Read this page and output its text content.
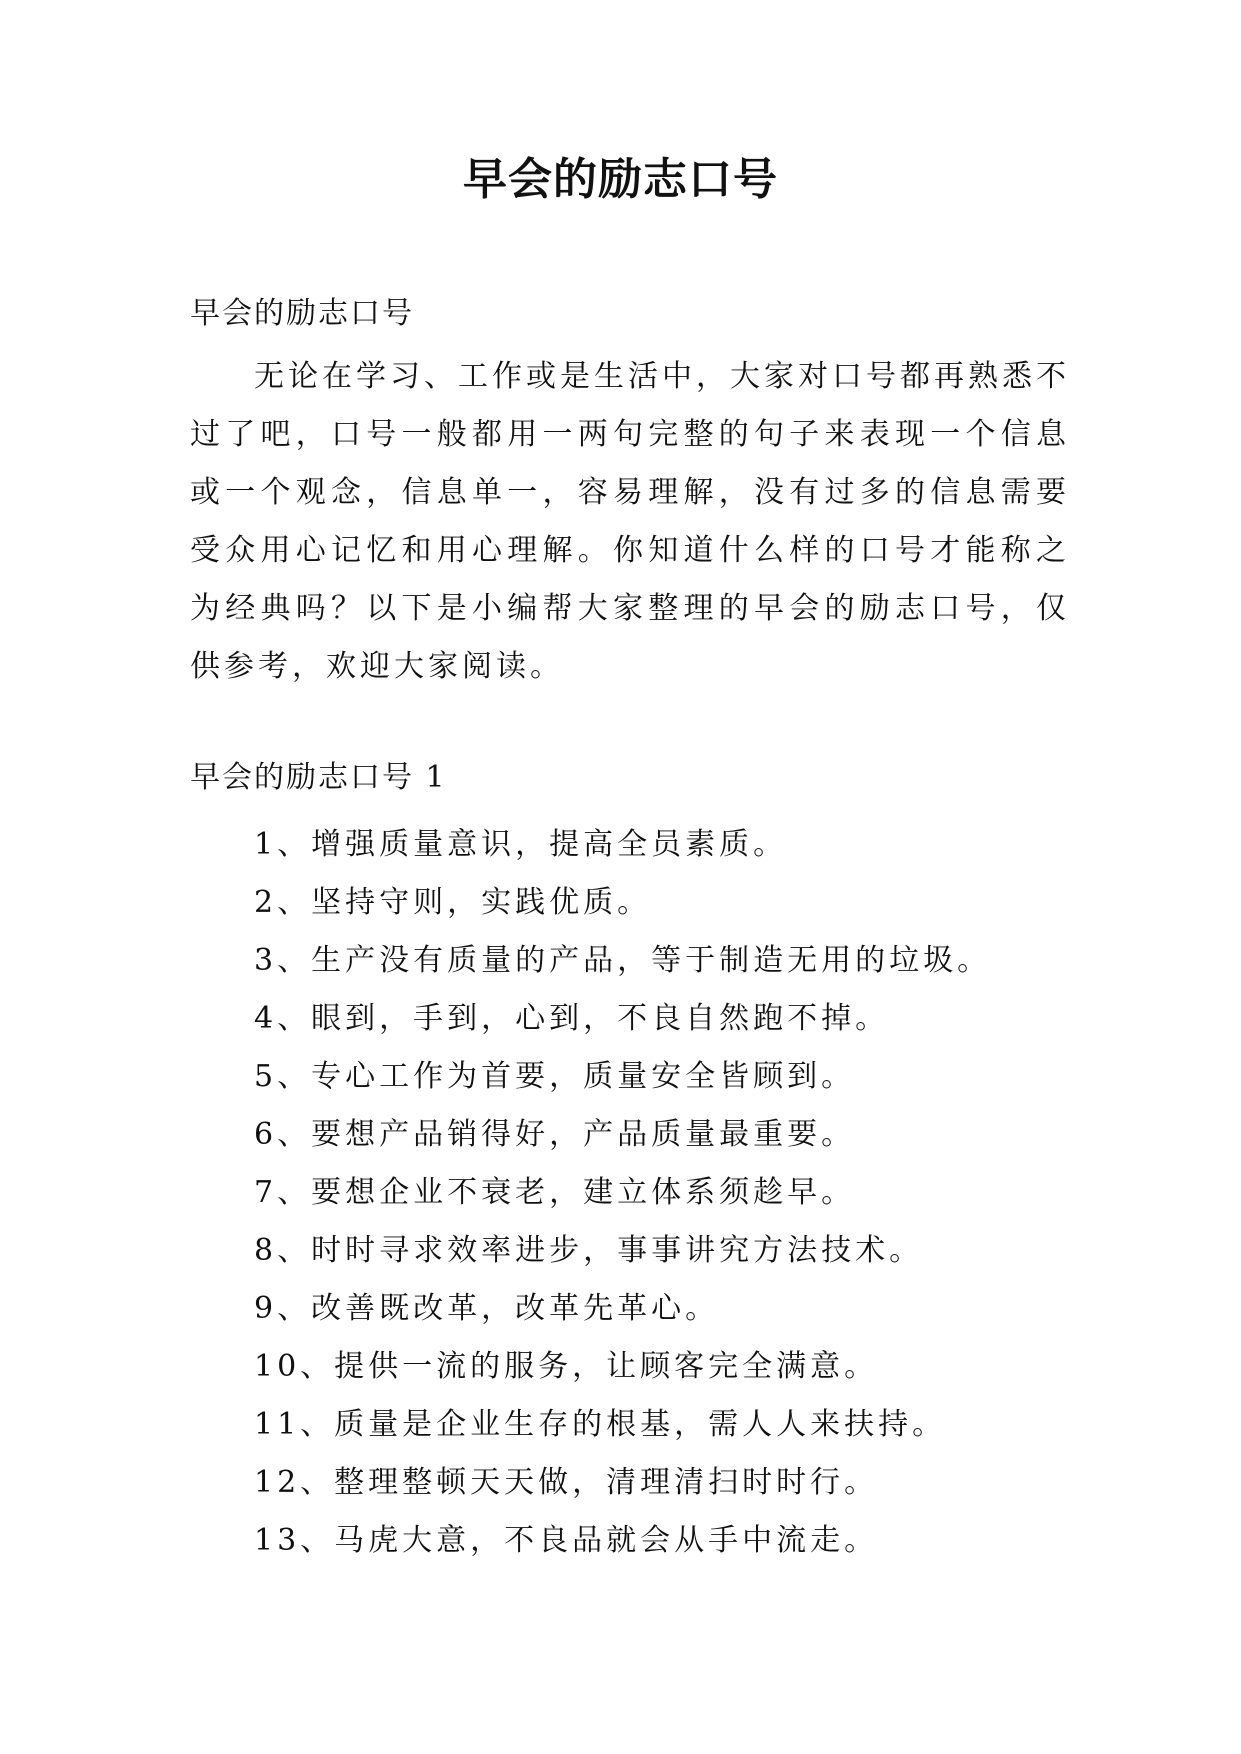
早会的励志口号

早会的励志口号

无论在学习、工作或是生活中，大家对口号都再熟悉不过了吧，口号一般都用一两句完整的句子来表现一个信息或一个观念，信息单一，容易理解，没有过多的信息需要受众用心记忆和用心理解。你知道什么样的口号才能称之为经典吗？以下是小编帮大家整理的早会的励志口号，仅供参考，欢迎大家阅读。

早会的励志口号 1

1、增强质量意识，提高全员素质。
2、坚持守则，实践优质。
3、生产没有质量的产品，等于制造无用的垃圾。
4、眼到，手到，心到，不良自然跑不掉。
5、专心工作为首要，质量安全皆顾到。
6、要想产品销得好，产品质量最重要。
7、要想企业不衰老，建立体系须趁早。
8、时时寻求效率进步，事事讲究方法技术。
9、改善既改革，改革先革心。
10、提供一流的服务，让顾客完全满意。
11、质量是企业生存的根基，需人人来扶持。
12、整理整顿天天做，清理清扫时时行。
13、马虎大意，不良品就会从手中流走。
